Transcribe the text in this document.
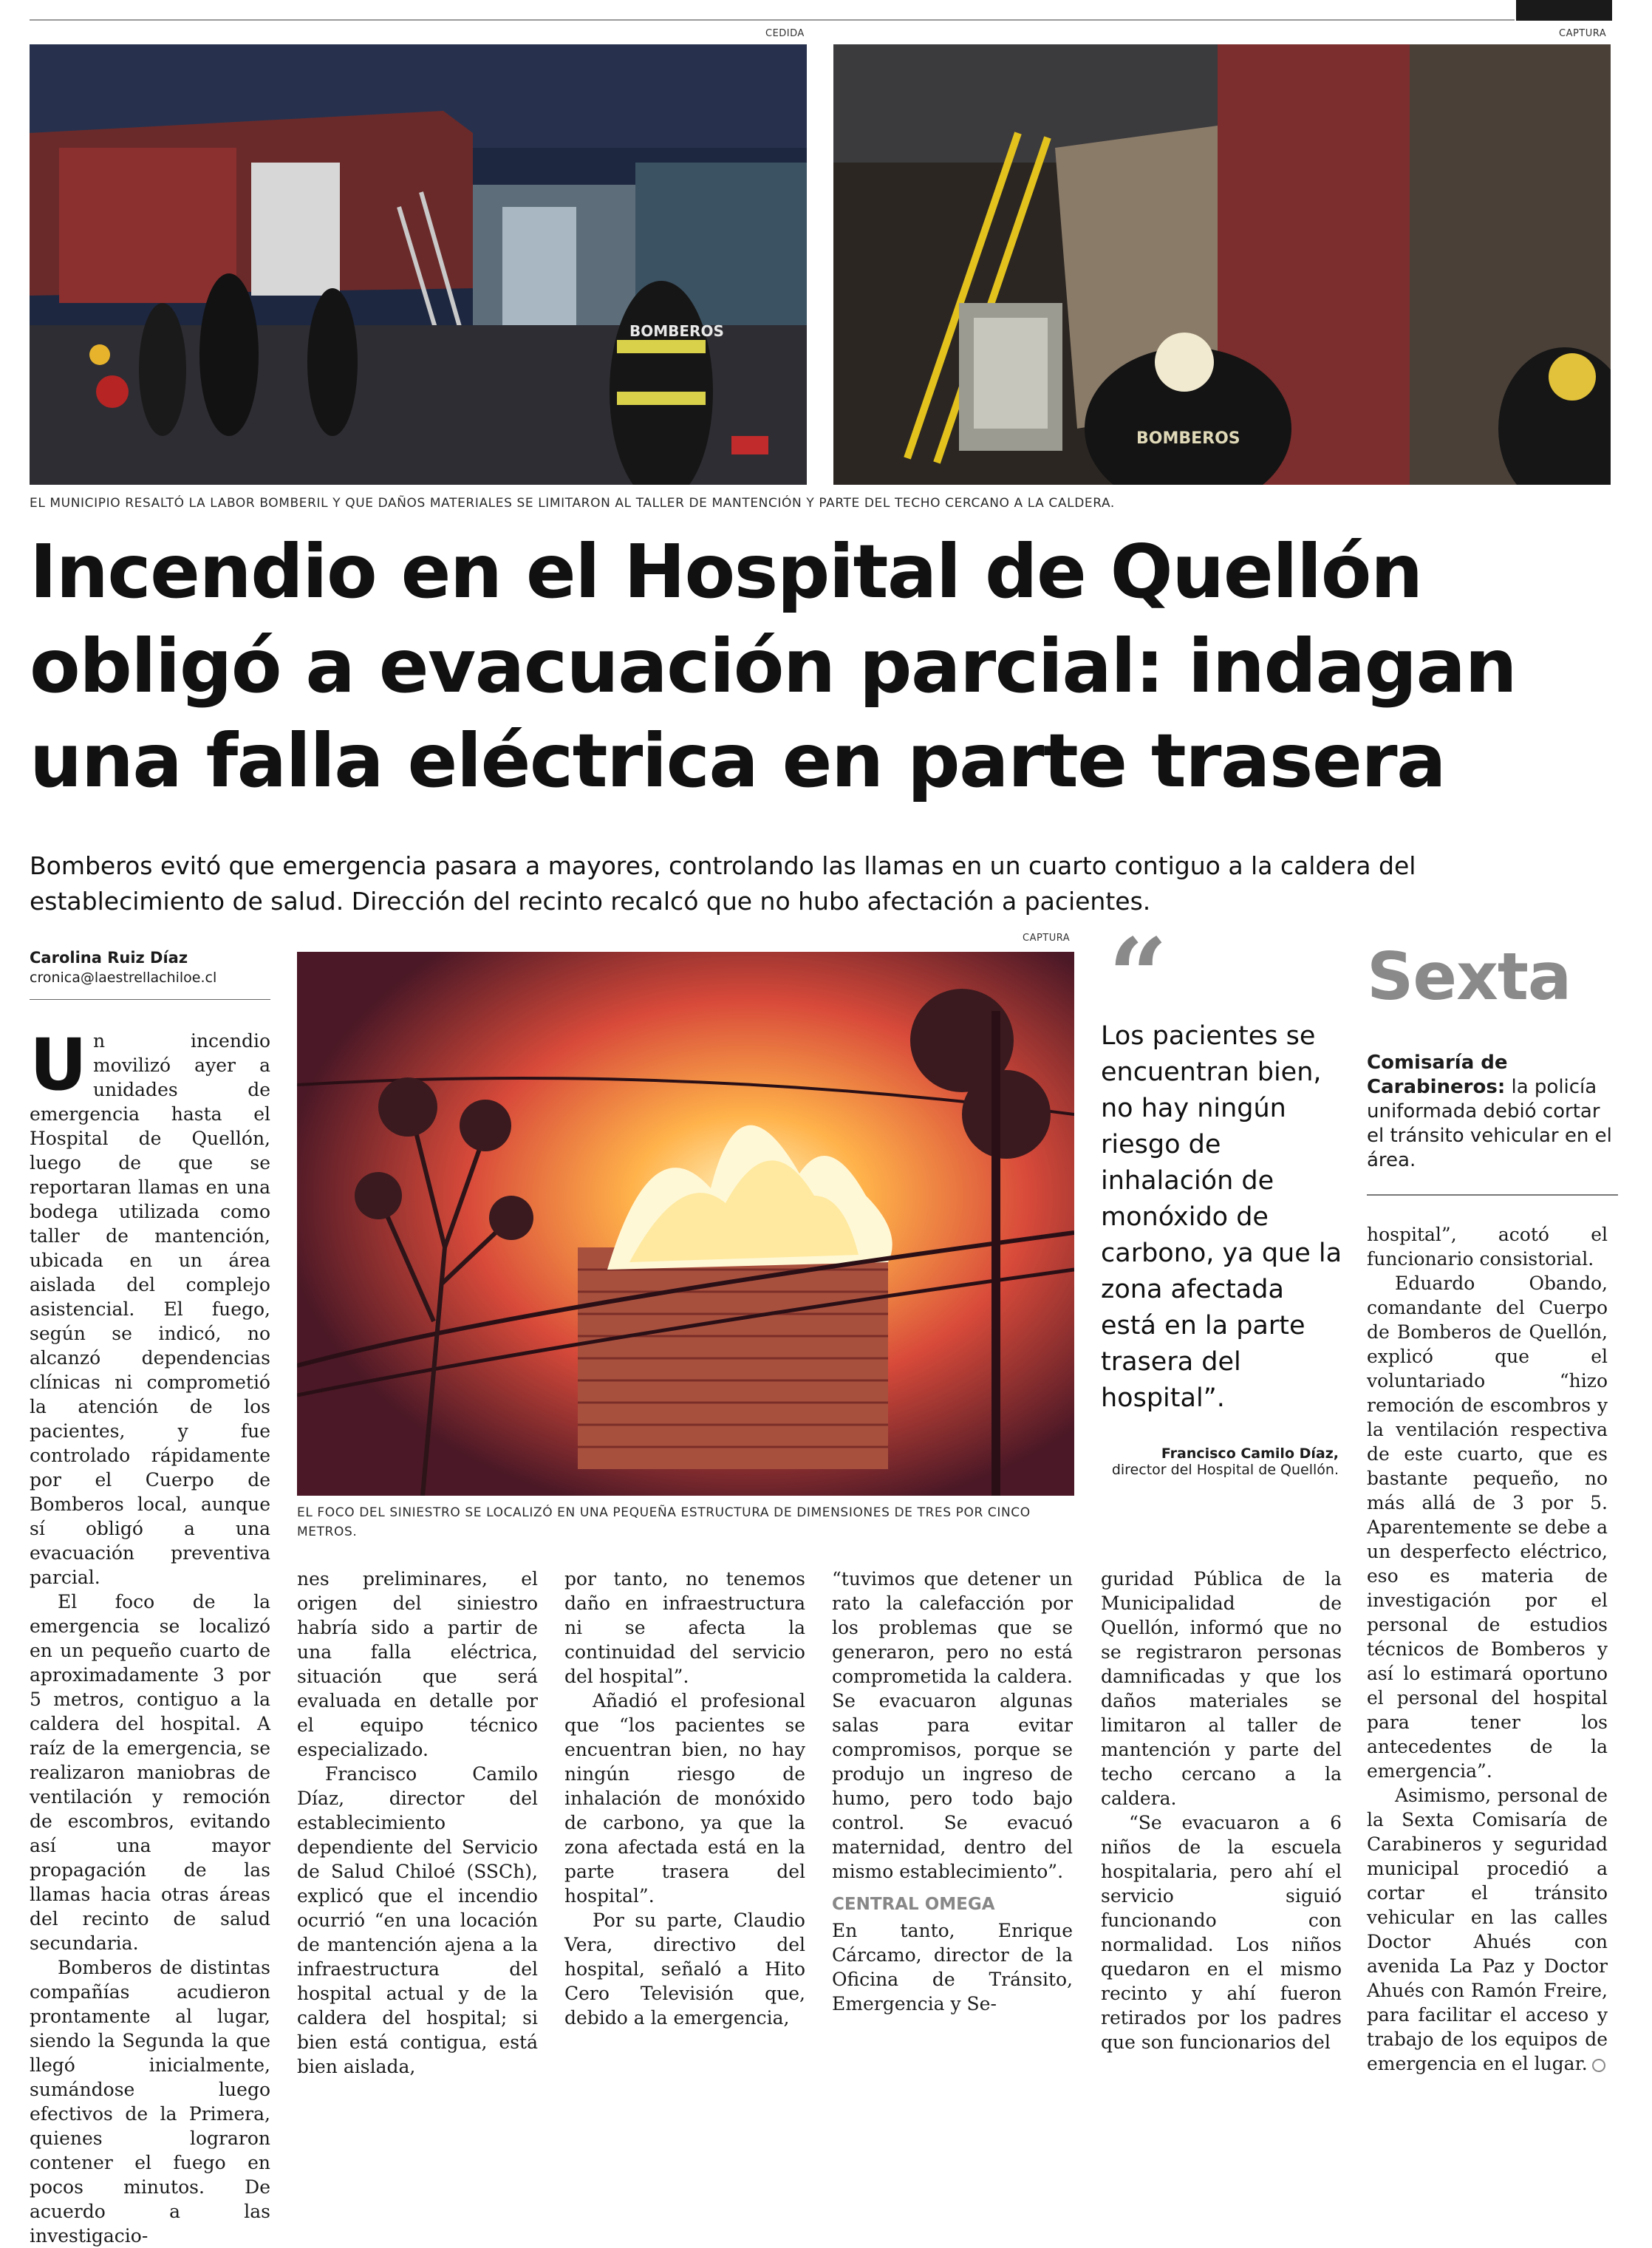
CEDIDA	CAPTURA
BOMBEROS
BOMBEROS
EL MUNICIPIO RESALTÓ LA LABOR BOMBERIL Y QUE DAÑOS MATERIALES SE LIMITARON AL TALLER DE MANTENCIÓN Y PARTE DEL TECHO CERCANO A LA CALDERA.
Incendio en el Hospital de Quellón
obligó a evacuación parcial: indagan
una falla eléctrica en parte trasera
Bomberos evitó que emergencia pasara a mayores, controlando las llamas en un cuarto contiguo a la caldera del
establecimiento de salud. Dirección del recinto recalcó que no hubo afectación a pacientes.
Carolina Ruiz Díaz
cronica@laestrellachiloe.cl
CAPTURA
EL FOCO DEL SINIESTRO SE LOCALIZÓ EN UNA PEQUEÑA ESTRUCTURA DE DIMENSIONES DE TRES POR CINCO METROS.

Un incendio movilizó ayer a unidades de emergencia hasta el Hospital de Quellón, luego de que se reportaran llamas en una bodega utilizada como taller de mantención, ubicada en un área aislada del complejo asistencial. El fuego, según se indicó, no alcanzó dependencias clínicas ni comprometió la atención de los pacientes, y fue controlado rápidamente por el Cuerpo de Bomberos local, aunque sí obligó a una evacuación preventiva parcial.

El foco de la emergencia se localizó en un pequeño cuarto de aproximadamente 3 por 5 metros, contiguo a la caldera del hospital. A raíz de la emergencia, se realizaron maniobras de ventilación y remoción de escombros, evitando así una mayor propagación de las llamas hacia otras áreas del recinto de salud secundaria.

Bomberos de distintas compañías acudieron prontamente al lugar, siendo la Segunda la que llegó inicialmente, sumándose luego efectivos de la Primera, quienes lograron contener el fuego en pocos minutos. De acuerdo a las investigacio-

nes preliminares, el origen del siniestro habría sido a partir de una falla eléctrica, situación que será evaluada en detalle por el equipo técnico especializado.

Francisco Camilo Díaz, director del establecimiento dependiente del Servicio de Salud Chiloé (SSCh), explicó que el incendio ocurrió “en una locación de mantención ajena a la infraestructura del hospital actual y de la caldera del hospital; si bien está contigua, está bien aislada,

por tanto, no tenemos daño en infraestructura ni se afecta la continuidad del servicio del hospital”.

Añadió el profesional que “los pacientes se encuentran bien, no hay ningún riesgo de inhalación de monóxido de carbono, ya que la zona afectada está en la parte trasera del hospital”.

Por su parte, Claudio Vera, directivo del hospital, señaló a Hito Cero Televisión que, debido a la emergencia,

“tuvimos que detener un rato la calefacción por los problemas que se generaron, pero no está comprometida la caldera. Se evacuaron algunas salas para evitar compromisos, porque se produjo un ingreso de humo, pero todo bajo control. Se evacuó maternidad, dentro del mismo establecimiento”.

CENTRAL OMEGA

En tanto, Enrique Cárcamo, director de la Oficina de Tránsito, Emergencia y Se-

“
Los pacientes se encuentran bien, no hay ningún riesgo de inhalación de monóxido de carbono, ya que la zona afectada está en la parte trasera del hospital”.
Francisco Camilo Díaz,
director del Hospital de Quellón.

guridad Pública de la Municipalidad de Quellón, informó que no se registraron personas damnificadas y que los daños materiales se limitaron al taller de mantención y parte del techo cercano a la caldera.

“Se evacuaron a 6 niños de la escuela hospitalaria, pero ahí el servicio siguió funcionando con normalidad. Los niños quedaron en el mismo recinto y ahí fueron retirados por los padres que son funcionarios del

Sexta
Comisaría de Carabineros: la policía uniformada debió cortar el tránsito vehicular en el área.

hospital”, acotó el funcionario consistorial.

Eduardo Obando, comandante del Cuerpo de Bomberos de Quellón, explicó que el voluntariado “hizo remoción de escombros y la ventilación respectiva de este cuarto, que es bastante pequeño, no más allá de 3 por 5. Aparentemente se debe a un desperfecto eléctrico, eso es materia de investigación por el personal de estudios técnicos de Bomberos y así lo estimará oportuno el personal del hospital para tener los antecedentes de la emergencia”.

Asimismo, personal de la Sexta Comisaría de Carabineros y seguridad municipal procedió a cortar el tránsito vehicular en las calles Doctor Ahués con avenida La Paz y Doctor Ahués con Ramón Freire, para facilitar el acceso y trabajo de los equipos de emergencia en el lugar.
